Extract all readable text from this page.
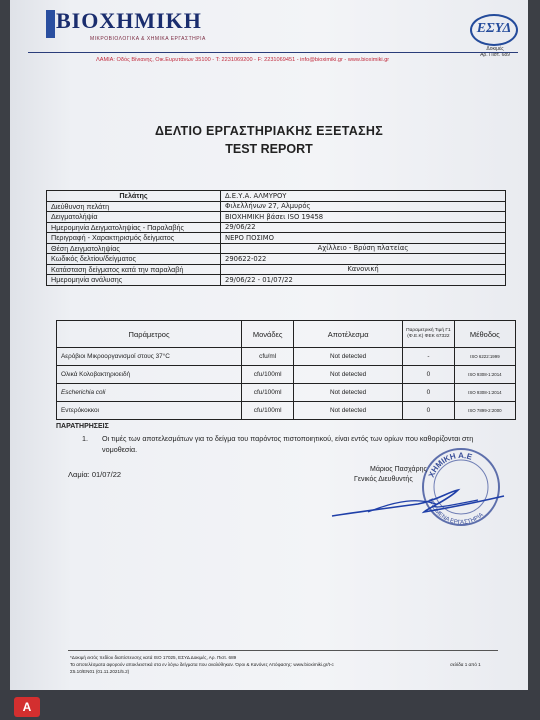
ΒΙΟΧΗΜΙΚΗ
ΜΙΚΡΟΒΙΟΛΟΓΙΚΑ & ΧΗΜΙΚΑ ΕΡΓΑΣΤΗΡΙΑ
ΕΣΥΔ
Δοκιμές
Αρ. Πιστ. 689
ΛΑΜΙΑ: Οδός Βίνιανης, Οικ.Ευρυτάνων 35100 - Τ: 2231069200 - F: 2231069451 - info@bioximiki.gr - www.bioximiki.gr
ΔΕΛΤΙΟ ΕΡΓΑΣΤΗΡΙΑΚΗΣ ΕΞΕΤΑΣΗΣ
TEST REPORT
Πελάτης	Δ.Ε.Υ.Α. ΑΛΜΥΡΟΥ
Διεύθυνση πελάτη	Φιλελλήνων 27, Αλμυρός
Δειγματολήψία	ΒΙΟΧΗΜΙΚΗ βάσει ISO 19458
Ημερομηνία Δειγματοληψίας - Παραλαβής	29/06/22
Περιγραφή - Χαρακτηρισμός δείγματος	ΝΕΡΟ ΠΟΣΙΜΟ
Θέση Δειγματοληψίας	Αχίλλειο - Βρύση πλατείας
Κωδικός δελτίου/δείγματος	290622-022
Κατάσταση δείγματος κατά την παραλαβή	Κανονική
Ημερομηνία ανάλυσης	29/06/22 - 01/07/22
Παράμετρος	Μονάδες	Αποτέλεσμα	Παραμετρική Τιμή Γ1 (Φ.Ε.Κ) ΦΕΚ 67322	Μέθοδος
Αερόβιοι Μικροοργανισμοί στους 37°C	cfu/ml	Not detected	-	ISO 6222:1999
Ολικά Κολοβακτηριοειδή	cfu/100ml	Not detected	0	ISO 9308-1:2014
Escherichia coli	cfu/100ml	Not detected	0	ISO 9308-1:2014
Εντερόκοκκοι	cfu/100ml	Not detected	0	ISO 7899-2:2000
ΠΑΡΑΤΗΡΗΣΕΙΣ
1. Οι τιμές των αποτελεσμάτων για το δείγμα του παρόντος πιστοποιητικού, είναι εντός των ορίων που καθορίζονται στη νομοθεσία.
Λαμία: 01/07/22	ΧΗΜΙΚΗ Α.Ε
ΗΝΩΜΕΝΑ ΕΡΓΑΣΤΗΡΙΑ
Μάριος Πασχάρης
Γενικός Διευθυντής
*Δοκιμή εκτός πεδίου διαπίστευσης κατά ISO 17025, ΕΣΥΔ Δοκιμές, Αρ. Πιστ. 689
Τα αποτελέσματα αφορούν αποκλειστικά στα εν λόγω δείγματα που αναλύθηκαν. Όροι & Κανόνες Απόφασης: www.bioximiki.gr/t-c
Σ5.10/ΕΝ01 (01.11.2021/5.2)
σελίδα 1 από 1
A
